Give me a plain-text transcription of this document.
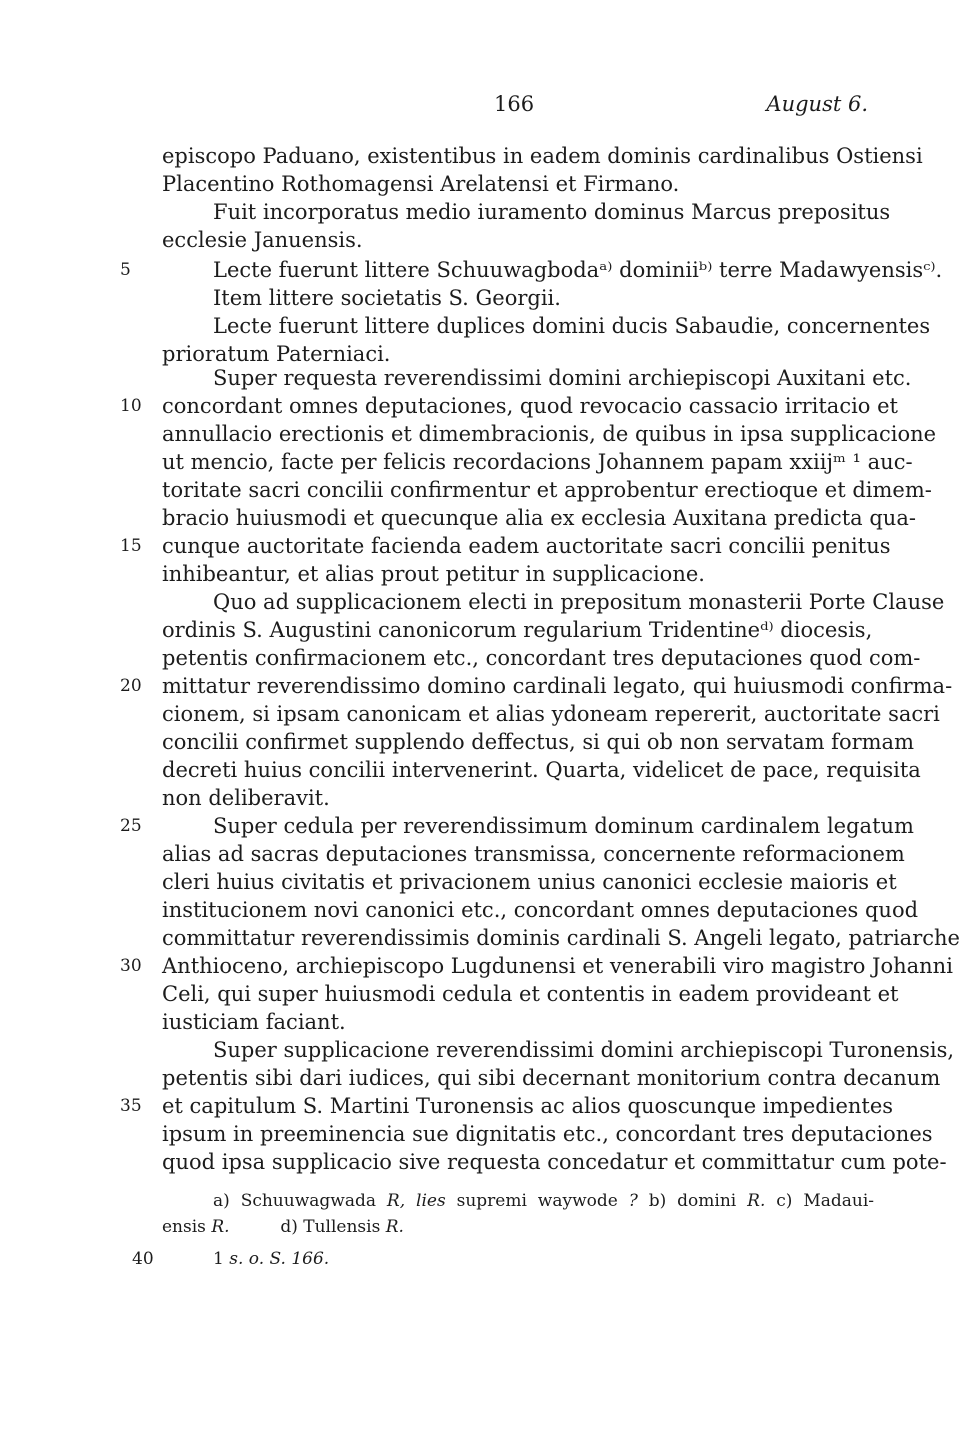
166	August 6.
episcopo Paduano, existentibus in eadem dominis cardinalibus Ostiensi
Placentino Rothomagensi Arelatensi et Firmano.
Fuit incorporatus medio iuramento dominus Marcus prepositus
ecclesie Januensis.
Lecte fuerunt littere Schuuwagbodaᵃ⁾ dominiiᵇ⁾ terre Madawyensisᶜ⁾.
Item littere societatis S. Georgii.
Lecte fuerunt littere duplices domini ducis Sabaudie, concernentes
prioratum Paterniaci.
Super requesta reverendissimi domini archiepiscopi Auxitani etc.
concordant omnes deputaciones, quod revocacio cassacio irritacio et
annullacio erectionis et dimembracionis, de quibus in ipsa supplicacione
ut mencio, facte per felicis recordacions Johannem papam xxiijᵐ ¹ auc-
toritate sacri concilii confirmentur et approbentur erectioque et dimem-
bracio huiusmodi et quecunque alia ex ecclesia Auxitana predicta qua-
cunque auctoritate facienda eadem auctoritate sacri concilii penitus
inhibeantur, et alias prout petitur in supplicacione.
Quo ad supplicacionem electi in prepositum monasterii Porte Clause
ordinis S. Augustini canonicorum regularium Tridentineᵈ⁾ diocesis,
petentis confirmacionem etc., concordant tres deputaciones quod com-
mittatur reverendissimo domino cardinali legato, qui huiusmodi confirma-
cionem, si ipsam canonicam et alias ydoneam repererit, auctoritate sacri
concilii confirmet supplendo deffectus, si qui ob non servatam formam
decreti huius concilii intervenerint. Quarta, videlicet de pace, requisita
non deliberavit.
Super cedula per reverendissimum dominum cardinalem legatum
alias ad sacras deputaciones transmissa, concernente reformacionem
cleri huius civitatis et privacionem unius canonici ecclesie maioris et
institucionem novi canonici etc., concordant omnes deputaciones quod
committatur reverendissimis dominis cardinali S. Angeli legato, patriarche
Anthioceno, archiepiscopo Lugdunensi et venerabili viro magistro Johanni
Celi, qui super huiusmodi cedula et contentis in eadem provideant et
iusticiam faciant.
Super supplicacione reverendissimi domini archiepiscopi Turonensis,
petentis sibi dari iudices, qui sibi decernant monitorium contra decanum
et capitulum S. Martini Turonensis ac alios quoscunque impedientes
ipsum in preeminencia sue dignitatis etc., concordant tres deputaciones
quod ipsa supplicacio sive requesta concedatur et committatur cum pote-
5
10
15
20
25
30
35
a) Schuuwagwada R, lies supremi waywode ? b) domini R. c) Madaui-
ensis R.	d) Tullensis R.
40	1 s. o. S. 166.
